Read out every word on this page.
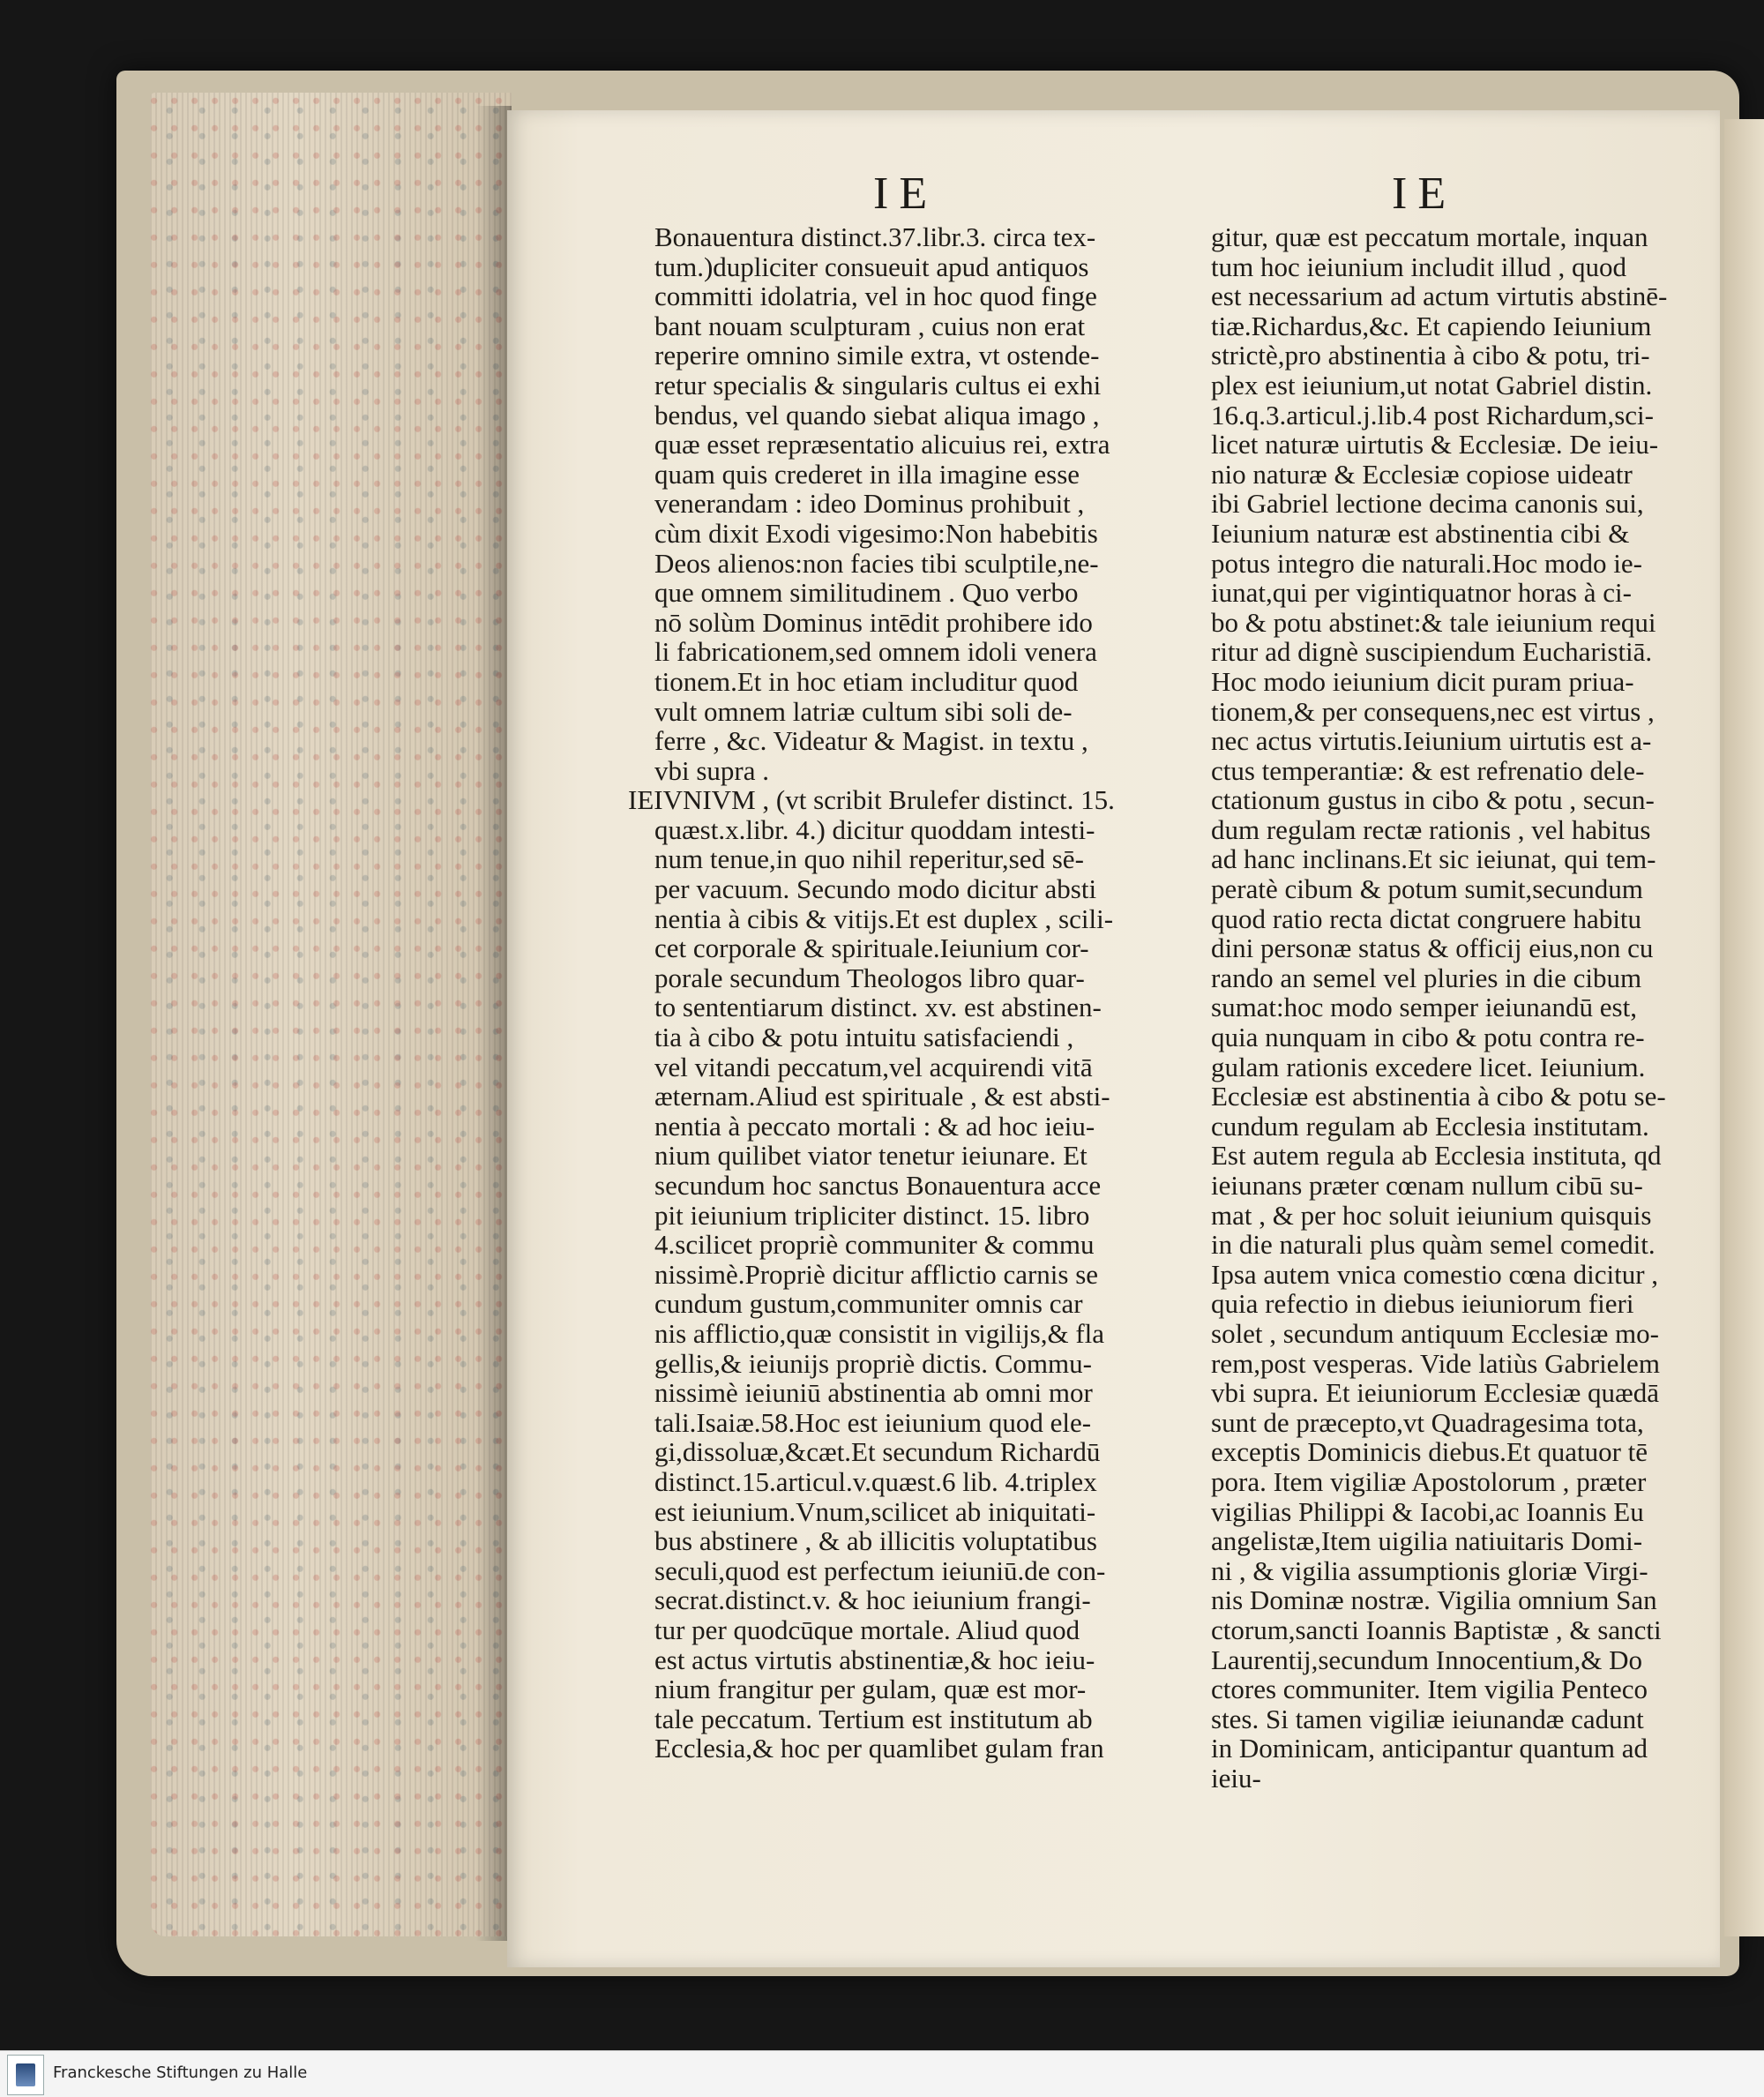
IE	IE
Bonauentura distinct.37.libr.3. circa tex-
tum.)dupliciter consueuit apud antiquos
committi idolatria, vel in hoc quod finge
bant nouam sculpturam , cuius non erat
reperire omnino simile extra, vt ostende-
retur specialis & singularis cultus ei exhi
bendus, vel quando siebat aliqua imago ,
quæ esset repræsentatio alicuius rei, extra
quam quis crederet in illa imagine esse
venerandam : ideo Dominus prohibuit ,
cùm dixit Exodi vigesimo:Non habebitis
Deos alienos:non facies tibi sculptile,ne-
que omnem similitudinem . Quo verbo
nō solùm Dominus intēdit prohibere ido
li fabricationem,sed omnem idoli venera
tionem.Et in hoc etiam includitur quod
vult omnem latriæ cultum sibi soli de-
ferre , &c. Videatur & Magist. in textu ,
vbi supra .
IEIVNIVM , (vt scribit Brulefer distinct. 15.
quæst.x.libr. 4.) dicitur quoddam intesti-
num tenue,in quo nihil reperitur,sed sē-
per vacuum. Secundo modo dicitur absti
nentia à cibis & vitijs.Et est duplex , scili-
cet corporale & spirituale.Ieiunium cor-
porale secundum Theologos libro quar-
to sententiarum distinct. xv. est abstinen-
tia à cibo & potu intuitu satisfaciendi ,
vel vitandi peccatum,vel acquirendi vitā
æternam.Aliud est spirituale , & est absti-
nentia à peccato mortali : & ad hoc ieiu-
nium quilibet viator tenetur ieiunare. Et
secundum hoc sanctus Bonauentura acce
pit ieiunium tripliciter distinct. 15. libro
4.scilicet propriè communiter & commu
nissimè.Propriè dicitur afflictio carnis se
cundum gustum,communiter omnis car
nis afflictio,quæ consistit in vigilijs,& fla
gellis,& ieiunijs propriè dictis. Commu-
nissimè ieiuniū abstinentia ab omni mor
tali.Isaiæ.58.Hoc est ieiunium quod ele-
gi,dissoluæ,&cæt.Et secundum Richardū
distinct.15.articul.v.quæst.6 lib. 4.triplex
est ieiunium.Vnum,scilicet ab iniquitati-
bus abstinere , & ab illicitis voluptatibus
seculi,quod est perfectum ieiuniū.de con-
secrat.distinct.v. & hoc ieiunium frangi-
tur per quodcūque mortale. Aliud quod
est actus virtutis abstinentiæ,& hoc ieiu-
nium frangitur per gulam, quæ est mor-
tale peccatum. Tertium est institutum ab
Ecclesia,& hoc per quamlibet gulam fran
gitur, quæ est peccatum mortale, inquan
tum hoc ieiunium includit illud , quod
est necessarium ad actum virtutis abstinē-
tiæ.Richardus,&c. Et capiendo Ieiunium
strictè,pro abstinentia à cibo & potu, tri-
plex est ieiunium,ut notat Gabriel distin.
16.q.3.articul.j.lib.4 post Richardum,sci-
licet naturæ uirtutis & Ecclesiæ. De ieiu-
nio naturæ & Ecclesiæ copiose uideatr
ibi Gabriel lectione decima canonis sui,
Ieiunium naturæ est abstinentia cibi &
potus integro die naturali.Hoc modo ie-
iunat,qui per vigintiquatnor horas à ci-
bo & potu abstinet:& tale ieiunium requi
ritur ad dignè suscipiendum Eucharistiā.
Hoc modo ieiunium dicit puram priua-
tionem,& per consequens,nec est virtus ,
nec actus virtutis.Ieiunium uirtutis est a-
ctus temperantiæ: & est refrenatio dele-
ctationum gustus in cibo & potu , secun-
dum regulam rectæ rationis , vel habitus
ad hanc inclinans.Et sic ieiunat, qui tem-
peratè cibum & potum sumit,secundum
quod ratio recta dictat congruere habitu
dini personæ status & officij eius,non cu
rando an semel vel pluries in die cibum
sumat:hoc modo semper ieiunandū est,
quia nunquam in cibo & potu contra re-
gulam rationis excedere licet. Ieiunium.
Ecclesiæ est abstinentia à cibo & potu se-
cundum regulam ab Ecclesia institutam.
Est autem regula ab Ecclesia instituta, qd
ieiunans præter cœnam nullum cibū su-
mat , & per hoc soluit ieiunium quisquis
in die naturali plus quàm semel comedit.
Ipsa autem vnica comestio cœna dicitur ,
quia refectio in diebus ieiuniorum fieri
solet , secundum antiquum Ecclesiæ mo-
rem,post vesperas. Vide latiùs Gabrielem
vbi supra. Et ieiuniorum Ecclesiæ quædā
sunt de præcepto,vt Quadragesima tota,
exceptis Dominicis diebus.Et quatuor tē
pora. Item vigiliæ Apostolorum , præter
vigilias Philippi & Iacobi,ac Ioannis Eu
angelistæ,Item uigilia natiuitaris Domi-
ni , & vigilia assumptionis gloriæ Virgi-
nis Dominæ nostræ. Vigilia omnium San
ctorum,sancti Ioannis Baptistæ , & sancti
Laurentij,secundum Innocentium,& Do
ctores communiter. Item vigilia Penteco
stes. Si tamen vigiliæ ieiunandæ cadunt
in Dominicam, anticipantur quantum ad
ieiu-
Franckesche Stiftungen zu Halle
